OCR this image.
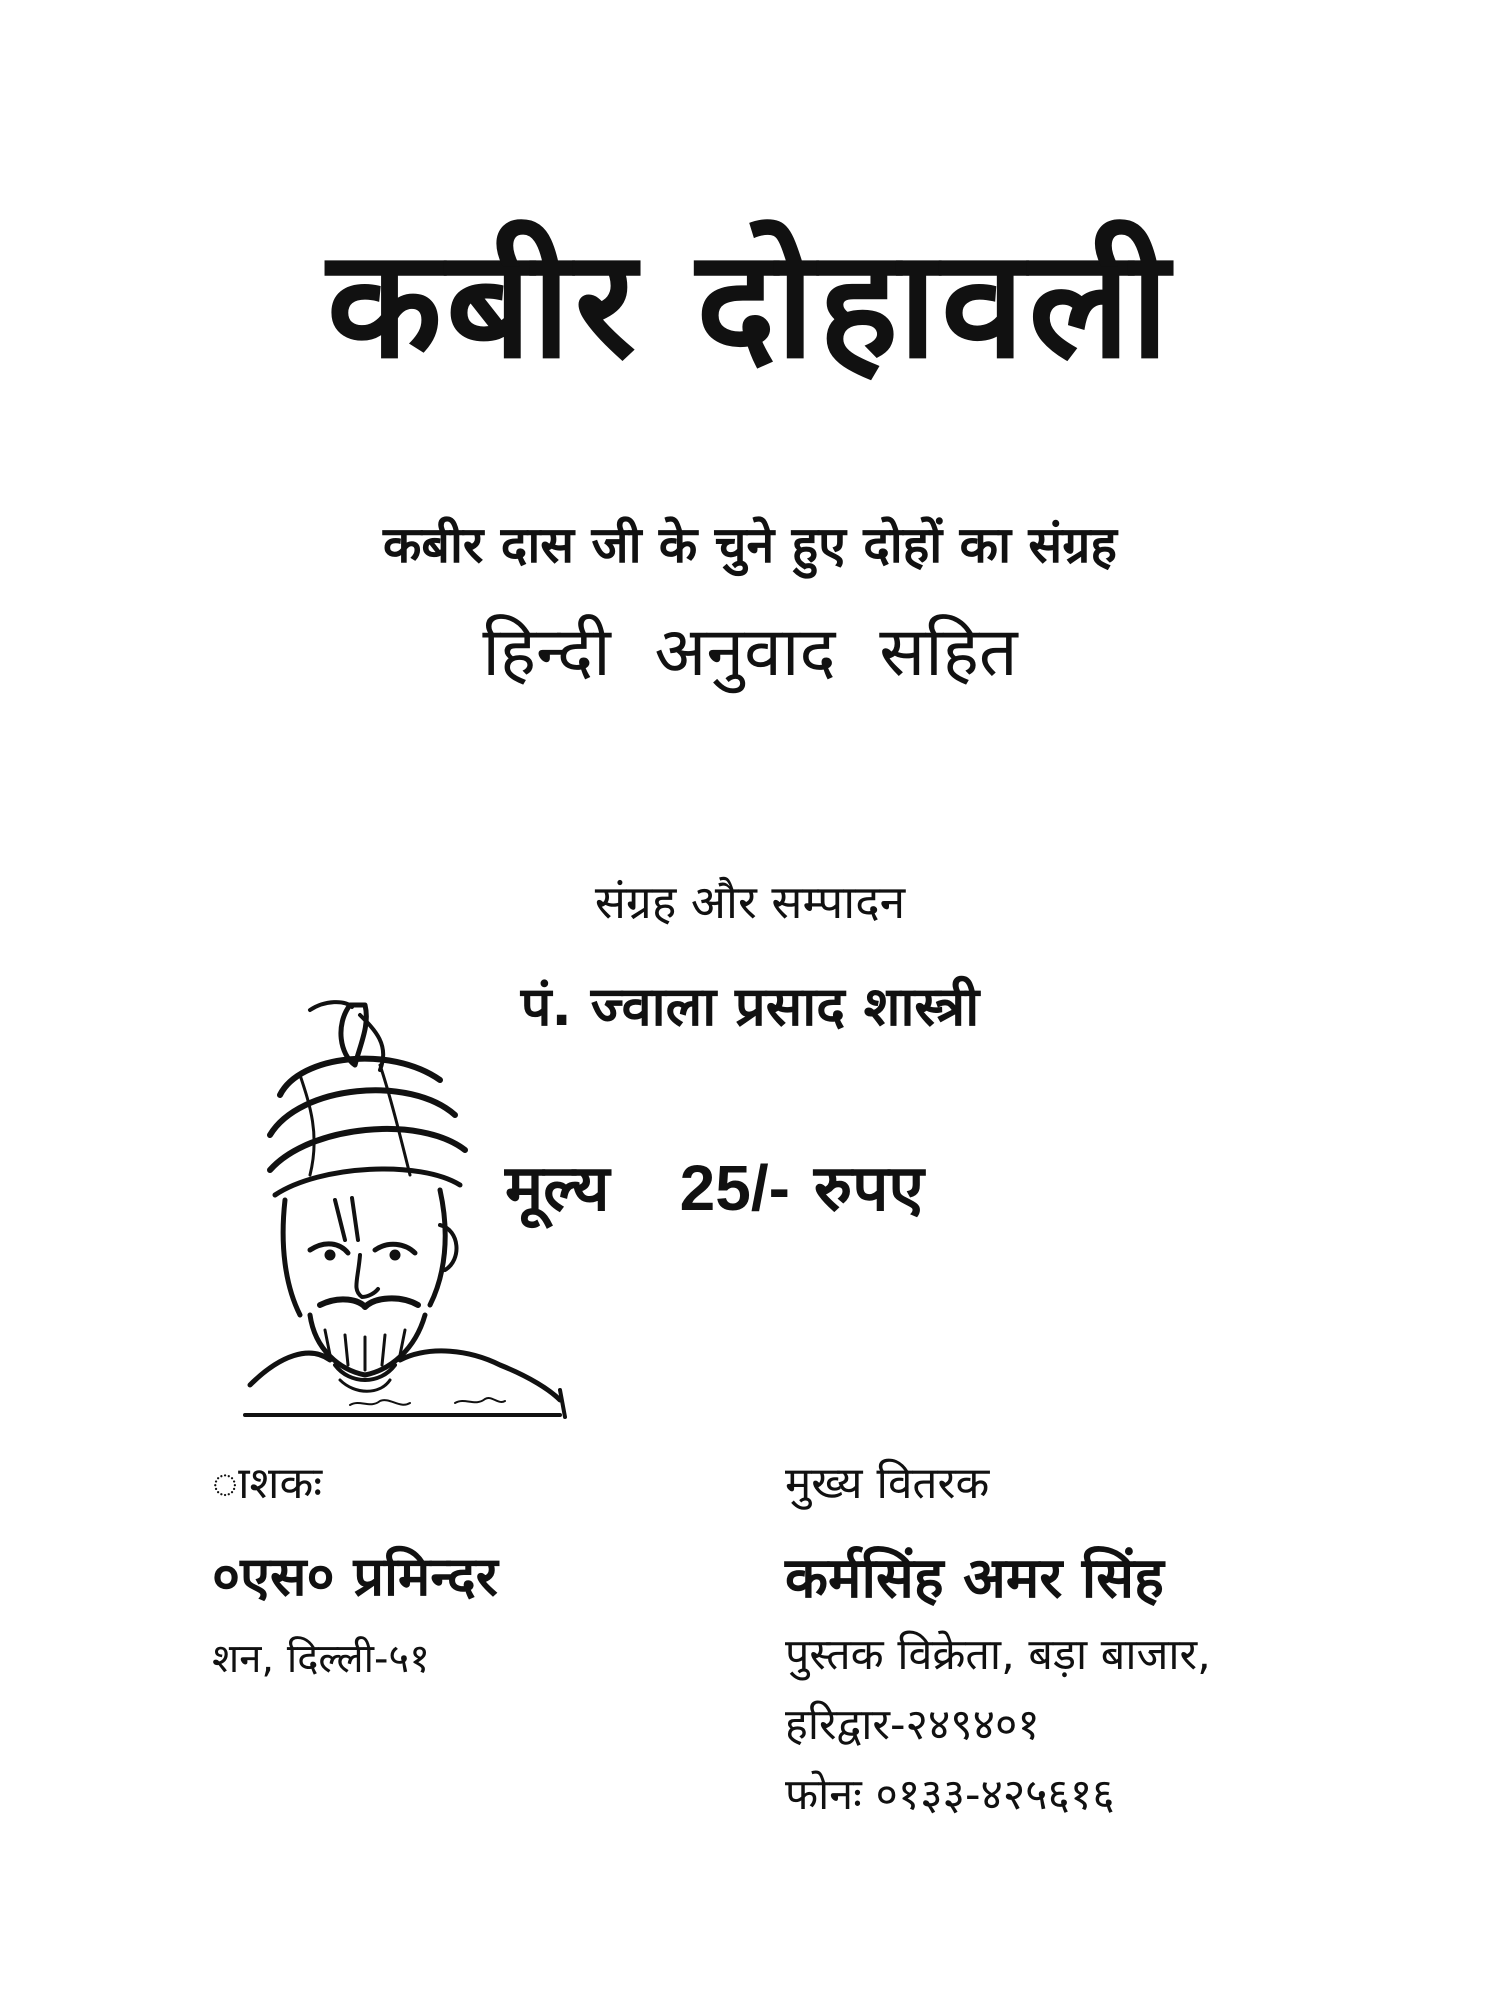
कबीर दोहावली
कबीर दास जी के चुने हुए दोहों का संग्रह
हिन्दी अनुवाद सहित
संग्रह और सम्पादन
पं. ज्वाला प्रसाद शास्त्री
मूल्य 25/- रुपए
ाशकः
०एस० प्रमिन्दर
शन, दिल्ली-५१
मुख्य वितरक
कर्मसिंह अमर सिंह
पुस्तक विक्रेता, बड़ा बाजार,
हरिद्वार-२४९४०१
फोनः ०१३३-४२५६१६
